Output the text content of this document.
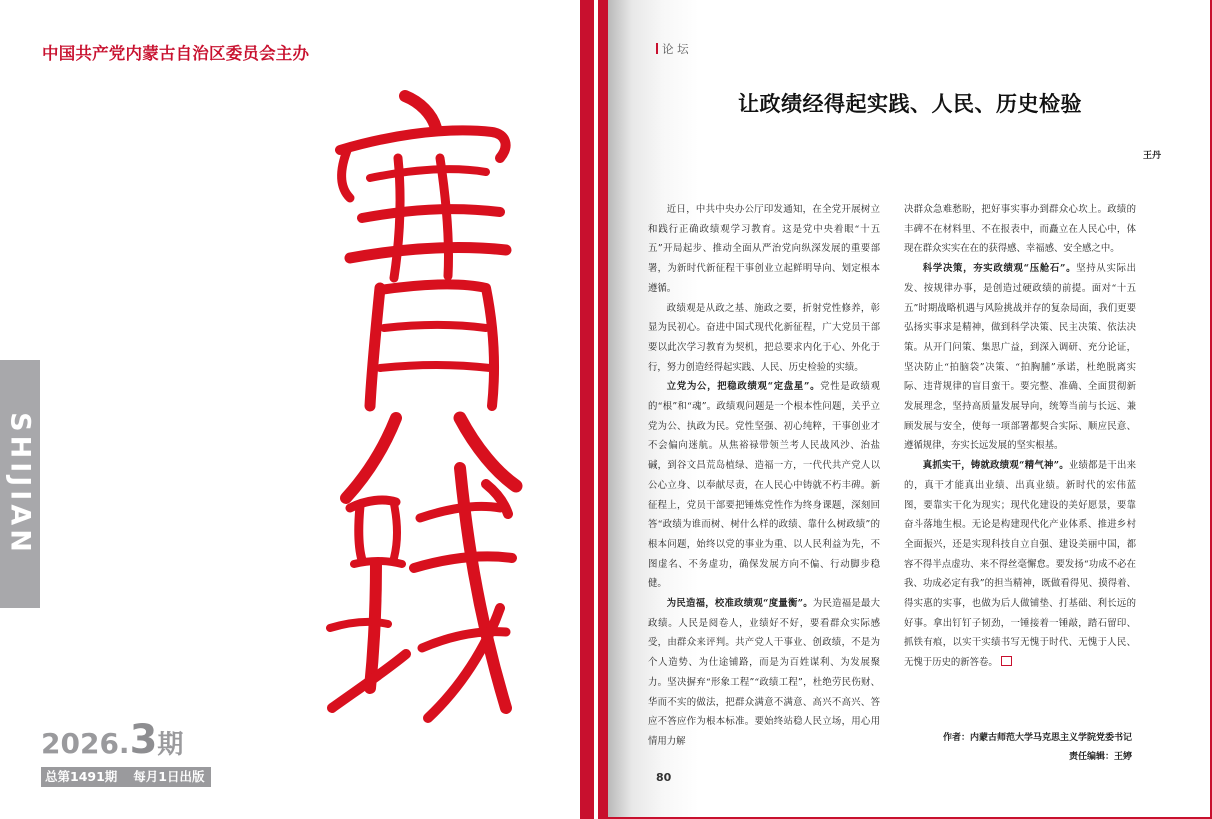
中国共产党内蒙古自治区委员会主办
SHIJIAN
2026.3期
总第1491期 每月1日出版
论 坛
让政绩经得起实践、人民、历史检验
王丹

近日，中共中央办公厅印发通知，在全党开展树立和践行正确政绩观学习教育。这是党中央着眼“十五五”开局起步、推动全面从严治党向纵深发展的重要部署，为新时代新征程干事创业立起鲜明导向、划定根本遵循。

政绩观是从政之基、施政之要，折射党性修养，彰显为民初心。奋进中国式现代化新征程，广大党员干部要以此次学习教育为契机，把总要求内化于心、外化于行，努力创造经得起实践、人民、历史检验的实绩。

立党为公，把稳政绩观“定盘星”。党性是政绩观的“根”和“魂”。政绩观问题是一个根本性问题，关乎立党为公、执政为民。党性坚强、初心纯粹，干事创业才不会偏向迷航。从焦裕禄带领兰考人民战风沙、治盐碱，到谷文昌荒岛植绿、造福一方，一代代共产党人以公心立身、以奉献尽责，在人民心中铸就不朽丰碑。新征程上，党员干部要把锤炼党性作为终身课题，深刻回答“政绩为谁而树、树什么样的政绩、靠什么树政绩”的根本问题，始终以党的事业为重、以人民利益为先，不图虚名、不务虚功，确保发展方向不偏、行动脚步稳健。

为民造福，校准政绩观“度量衡”。为民造福是最大政绩。人民是阅卷人，业绩好不好，要看群众实际感受，由群众来评判。共产党人干事业、创政绩，不是为个人造势、为仕途铺路，而是为百姓谋利、为发展聚力。坚决摒弃“形象工程”“政绩工程”，杜绝劳民伤财、华而不实的做法，把群众满意不满意、高兴不高兴、答应不答应作为根本标准。要始终站稳人民立场，用心用情用力解

决群众急难愁盼，把好事实事办到群众心坎上。政绩的丰碑不在材料里、不在报表中，而矗立在人民心中，体现在群众实实在在的获得感、幸福感、安全感之中。

科学决策，夯实政绩观“压舱石”。坚持从实际出发、按规律办事，是创造过硬政绩的前提。面对“十五五”时期战略机遇与风险挑战并存的复杂局面，我们更要弘扬实事求是精神，做到科学决策、民主决策、依法决策。从开门问策、集思广益，到深入调研、充分论证，坚决防止“拍脑袋”决策、“拍胸脯”承诺，杜绝脱离实际、违背规律的盲目蛮干。要完整、准确、全面贯彻新发展理念，坚持高质量发展导向，统筹当前与长远、兼顾发展与安全，使每一项部署都契合实际、顺应民意、遵循规律，夯实长远发展的坚实根基。

真抓实干，铸就政绩观“精气神”。业绩都是干出来的，真干才能真出业绩、出真业绩。新时代的宏伟蓝图，要靠实干化为现实；现代化建设的美好愿景，要靠奋斗落地生根。无论是构建现代化产业体系、推进乡村全面振兴，还是实现科技自立自强、建设美丽中国，都容不得半点虚功、来不得丝毫懈怠。要发扬“功成不必在我、功成必定有我”的担当精神，既做看得见、摸得着、得实惠的实事，也做为后人做铺垫、打基础、利长远的好事。拿出钉钉子韧劲，一锤接着一锤敲，踏石留印、抓铁有痕，以实干实绩书写无愧于时代、无愧于人民、无愧于历史的新答卷。

作者：内蒙古师范大学马克思主义学院党委书记
责任编辑：王婷
80
